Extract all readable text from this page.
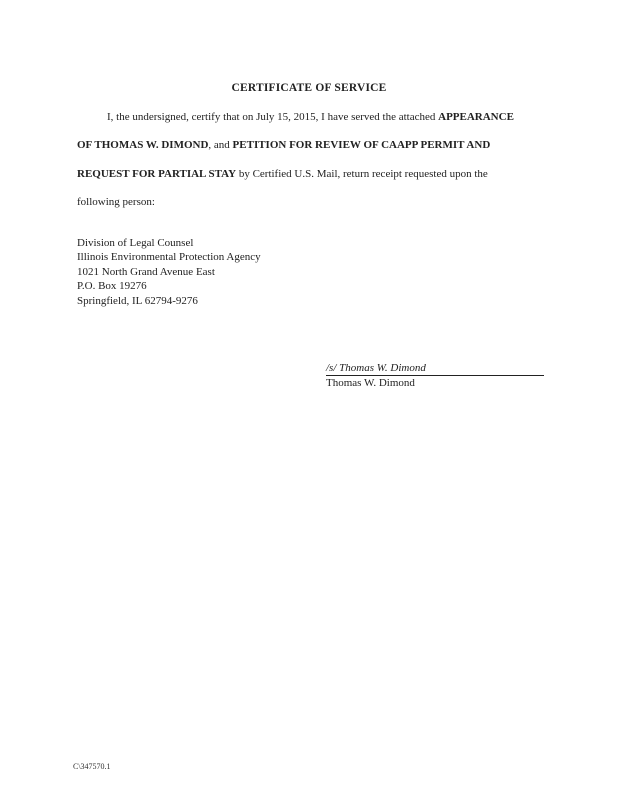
CERTIFICATE OF SERVICE

I, the undersigned, certify that on July 15, 2015, I have served the attached APPEARANCE

OF THOMAS W. DIMOND, and PETITION FOR REVIEW OF CAAPP PERMIT AND

REQUEST FOR PARTIAL STAY by Certified U.S. Mail, return receipt requested upon the

following person:

Division of Legal Counsel
Illinois Environmental Protection Agency
1021 North Grand Avenue East
P.O. Box 19276
Springfield, IL 62794-9276
/s/ Thomas W. Dimond
Thomas W. Dimond
C\347570.1
